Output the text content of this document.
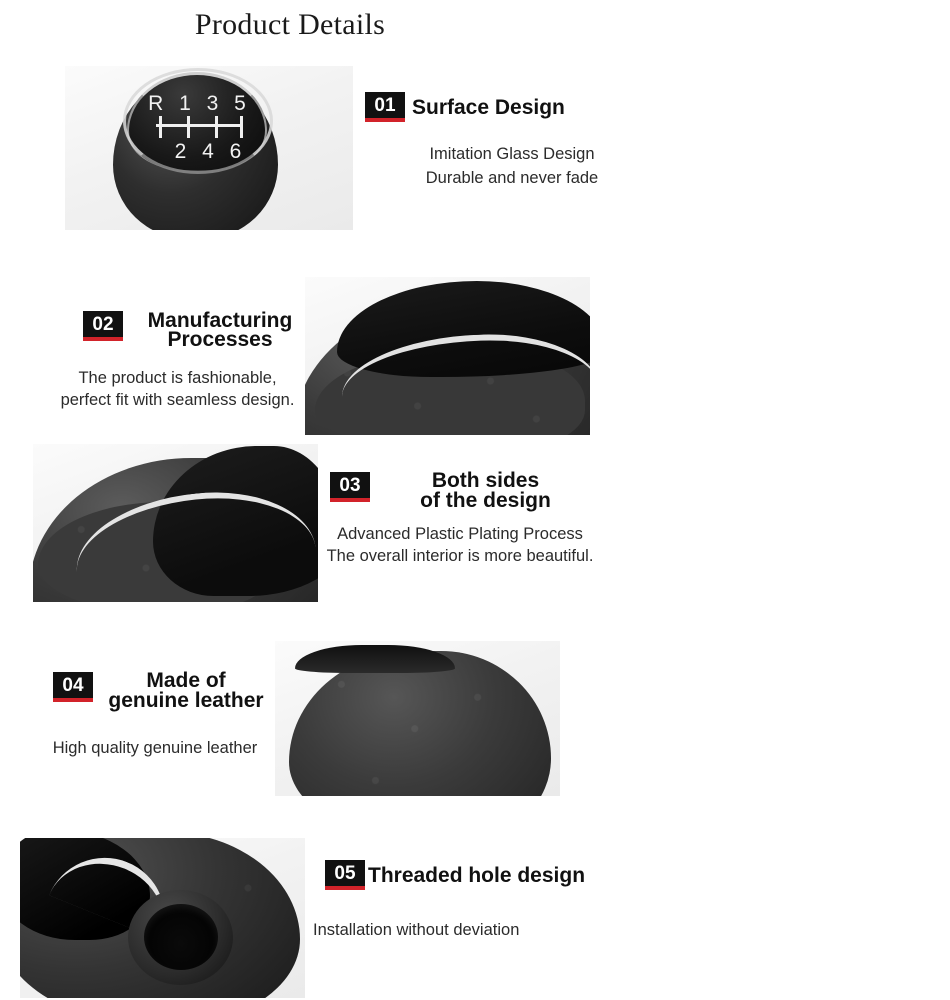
Product Details
R 1 3 5
2 4 6
01 Surface Design
Imitation Glass Design
Durable and never fade
02	Manufacturing
Processes
The product is fashionable,
perfect fit with seamless design.
03	Both sides
of the design
Advanced Plastic Plating Process
The overall interior is more beautiful.
04	Made of
genuine leather
High quality genuine leather
05 Threaded hole design
Installation without deviation
